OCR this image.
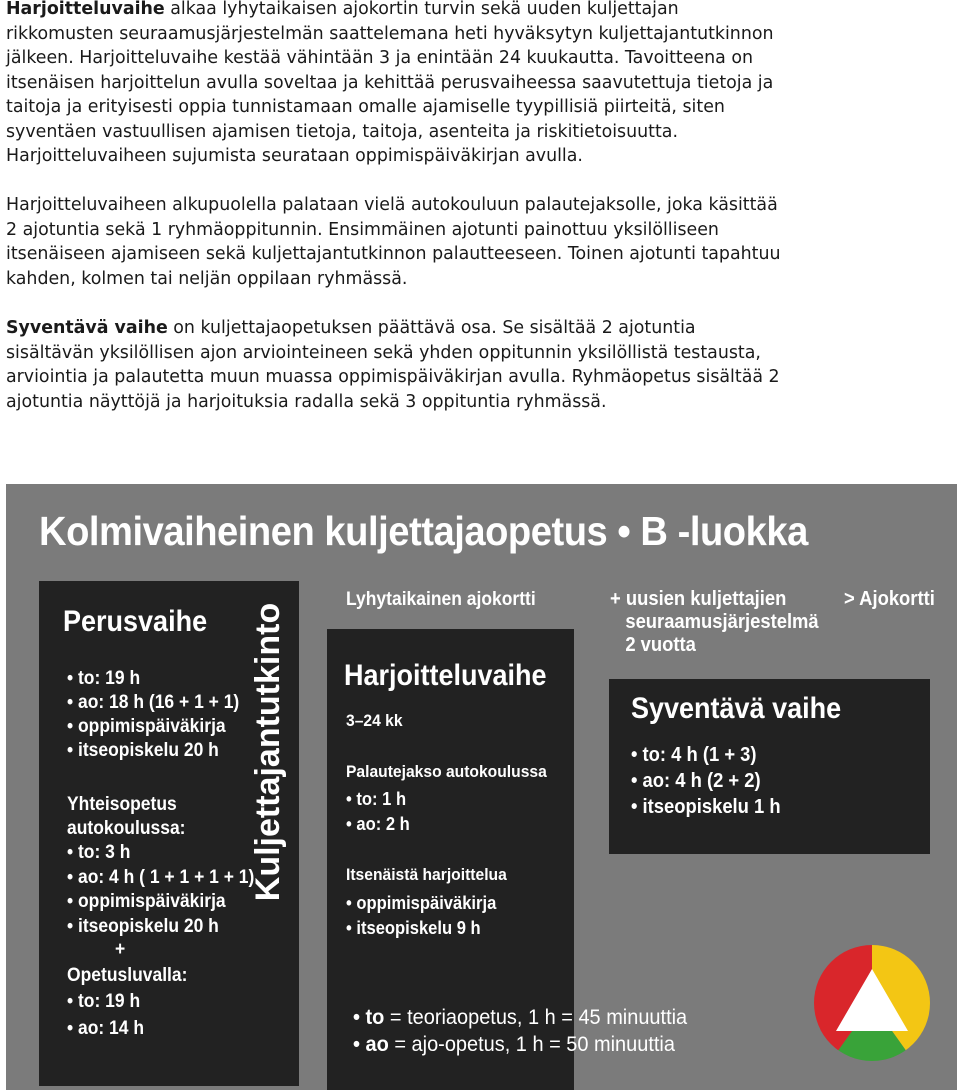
Harjoitteluvaihe alkaa lyhytaikaisen ajokortin turvin sekä uuden kuljettajan

rikkomusten seuraamusjärjestelmän saattelemana heti hyväksytyn kuljettajantutkinnon

jälkeen. Harjoitteluvaihe kestää vähintään 3 ja enintään 24 kuukautta. Tavoitteena on

itsenäisen harjoittelun avulla soveltaa ja kehittää perusvaiheessa saavutettuja tietoja ja

taitoja ja erityisesti oppia tunnistamaan omalle ajamiselle tyypillisiä piirteitä, siten

syventäen vastuullisen ajamisen tietoja, taitoja, asenteita ja riskitietoisuutta.

Harjoitteluvaiheen sujumista seurataan oppimispäiväkirjan avulla.

Harjoitteluvaiheen alkupuolella palataan vielä autokouluun palautejaksolle, joka käsittää

2 ajotuntia sekä 1 ryhmäoppitunnin. Ensimmäinen ajotunti painottuu yksilölliseen

itsenäiseen ajamiseen sekä kuljettajantutkinnon palautteeseen. Toinen ajotunti tapahtuu

kahden, kolmen tai neljän oppilaan ryhmässä.

Syventävä vaihe on kuljettajaopetuksen päättävä osa. Se sisältää 2 ajotuntia

sisältävän yksilöllisen ajon arviointeineen sekä yhden oppitunnin yksilöllistä testausta,

arviointia ja palautetta muun muassa oppimispäiväkirjan avulla. Ryhmäopetus sisältää 2

ajotuntia näyttöjä ja harjoituksia radalla sekä 3 oppituntia ryhmässä.

Kolmivaiheinen kuljettajaopetus • B -luokka
Lyhytaikainen ajokortti	+ uusien kuljettajien
seuraamusjärjestelmä
2 vuotta
> Ajokortti
Perusvaihe
• to: 19 h
• ao: 18 h (16 + 1 + 1)
• oppimispäiväkirja
• itseopiskelu 20 h
Yhteisopetus
autokoulussa:
• to: 3 h
• ao: 4 h ( 1 + 1 + 1 + 1)
• oppimispäiväkirja
• itseopiskelu 20 h
+
Opetusluvalla:
• to: 19 h
• ao: 14 h
Kuljettajantutkinto Harjoitteluvaihe
3–24 kk
Palautejakso autokoulussa
• to: 1 h
• ao: 2 h
Itsenäistä harjoittelua
• oppimispäiväkirja
• itseopiskelu 9 h
Syventävä vaihe
• to: 4 h (1 + 3)
• ao: 4 h (2 + 2)
• itseopiskelu 1 h
• to = teoriaopetus, 1 h = 45 minuuttia
• ao = ajo-opetus, 1 h = 50 minuuttia
